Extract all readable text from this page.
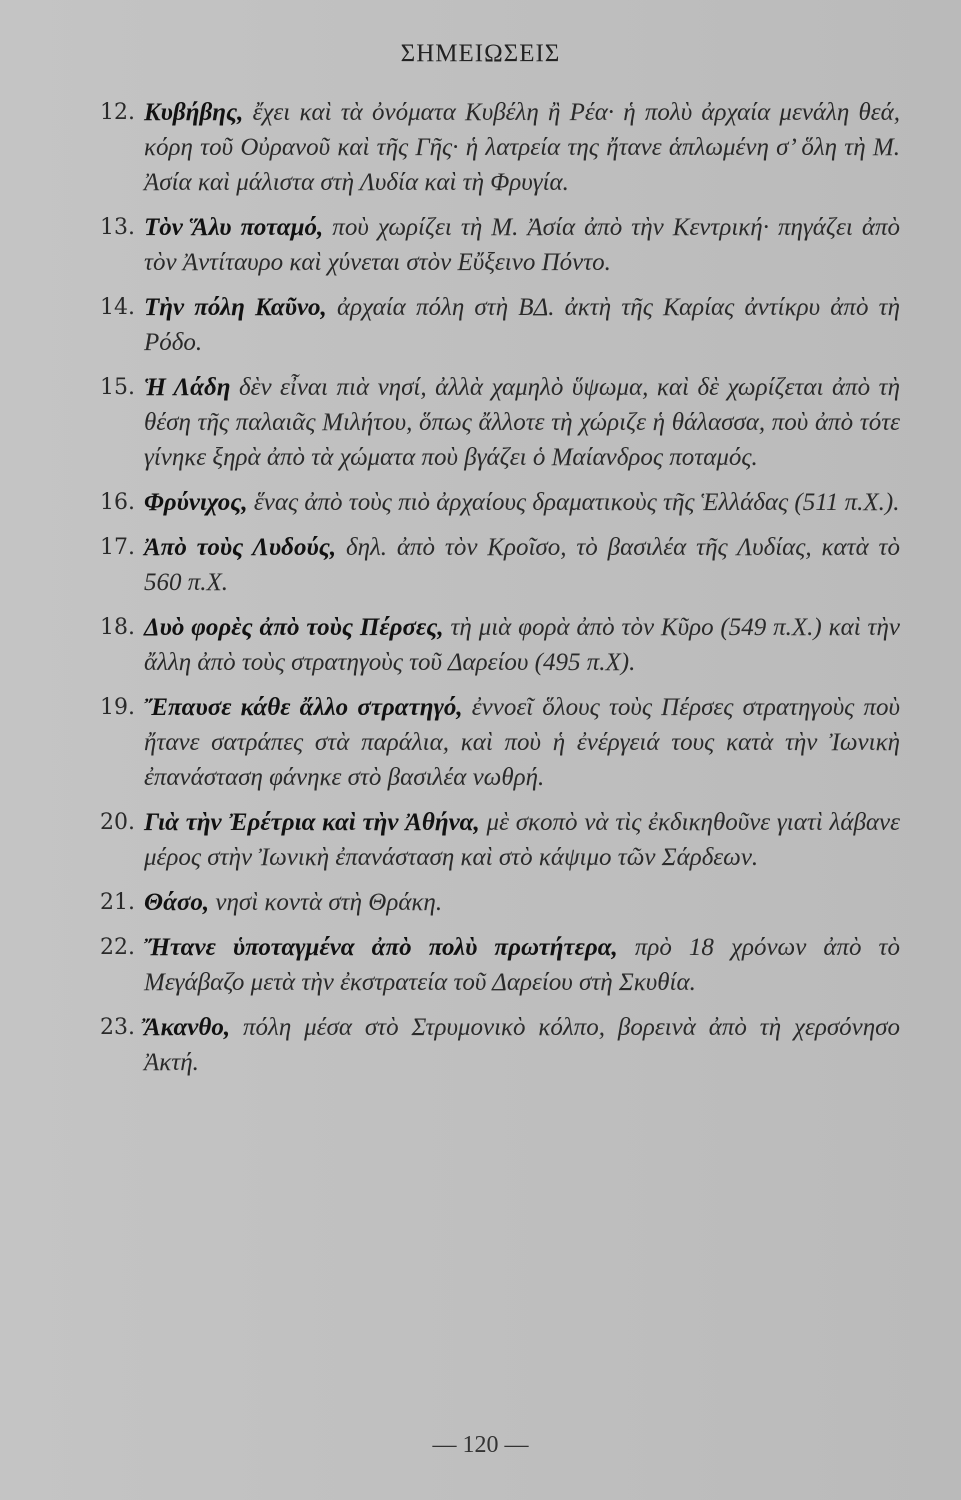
ΣΗΜΕΙΩΣΕΙΣ
12. Κυβήβης, ἔχει καὶ τὰ ὀνόματα Κυβέλη ἢ Ρέα· ἡ πολὺ ἀρχαία μενάλη θεά, κόρη τοῦ Οὐρανοῦ καὶ τῆς Γῆς· ἡ λατρεία της ἤτανε ἁπλωμένη σ’ ὅλη τὴ Μ. Ἀσία καὶ μάλιστα στὴ Λυδία καὶ τὴ Φρυγία.
13. Τὸν Ἅλυ ποταμό, ποὺ χωρίζει τὴ Μ. Ἀσία ἀπὸ τὴν Κεντρική· πηγάζει ἀπὸ τὸν Ἀντίταυρο καὶ χύνεται στὸν Εὔξεινο Πόντο.
14. Τὴν πόλη Καῦνο, ἀρχαία πόλη στὴ ΒΔ. ἀκτὴ τῆς Καρίας ἀντίκρυ ἀπὸ τὴ Ρόδο.
15. Ἡ Λάδη δὲν εἶναι πιὰ νησί, ἀλλὰ χαμηλὸ ὕψωμα, καὶ δὲ χωρίζεται ἀπὸ τὴ θέση τῆς παλαιᾶς Μιλήτου, ὅπως ἄλλοτε τὴ χώριζε ἡ θάλασσα, ποὺ ἀπὸ τότε γίνηκε ξηρὰ ἀπὸ τὰ χώματα ποὺ βγάζει ὁ Μαίανδρος ποταμός.
16. Φρύνιχος, ἕνας ἀπὸ τοὺς πιὸ ἀρχαίους δραματικοὺς τῆς Ἑλλάδας (511 π.Χ.).
17. Ἀπὸ τοὺς Λυδούς, δηλ. ἀπὸ τὸν Κροῖσο, τὸ βασιλέα τῆς Λυδίας, κατὰ τὸ 560 π.Χ.
18. Δυὸ φορὲς ἀπὸ τοὺς Πέρσες, τὴ μιὰ φορὰ ἀπὸ τὸν Κῦρο (549 π.Χ.) καὶ τὴν ἄλλη ἀπὸ τοὺς στρατηγοὺς τοῦ Δαρείου (495 π.Χ).
19. Ἔπαυσε κάθε ἄλλο στρατηγό, ἐννοεῖ ὅλους τοὺς Πέρσες στρατηγοὺς ποὺ ἤτανε σατράπες στὰ παράλια, καὶ ποὺ ἡ ἐνέργειά τους κατὰ τὴν Ἰωνικὴ ἐπανάσταση φάνηκε στὸ βασιλέα νωθρή.
20. Γιὰ τὴν Ἐρέτρια καὶ τὴν Ἀθήνα, μὲ σκοπὸ νὰ τὶς ἐκδικηθοῦνε γιατὶ λάβανε μέρος στὴν Ἰωνικὴ ἐπανάσταση καὶ στὸ κάψιμο τῶν Σάρδεων.
21. Θάσο, νησὶ κοντὰ στὴ Θράκη.
22. Ἤτανε ὑποταγμένα ἀπὸ πολὺ πρωτήτερα, πρὸ 18 χρόνων ἀπὸ τὸ Μεγάβαζο μετὰ τὴν ἐκστρατεία τοῦ Δαρείου στὴ Σκυθία.
23. Ἄκανθο, πόλη μέσα στὸ Στρυμονικὸ κόλπο, βορεινὰ ἀπὸ τὴ χερσόνησο Ἀκτή.
— 120 —
